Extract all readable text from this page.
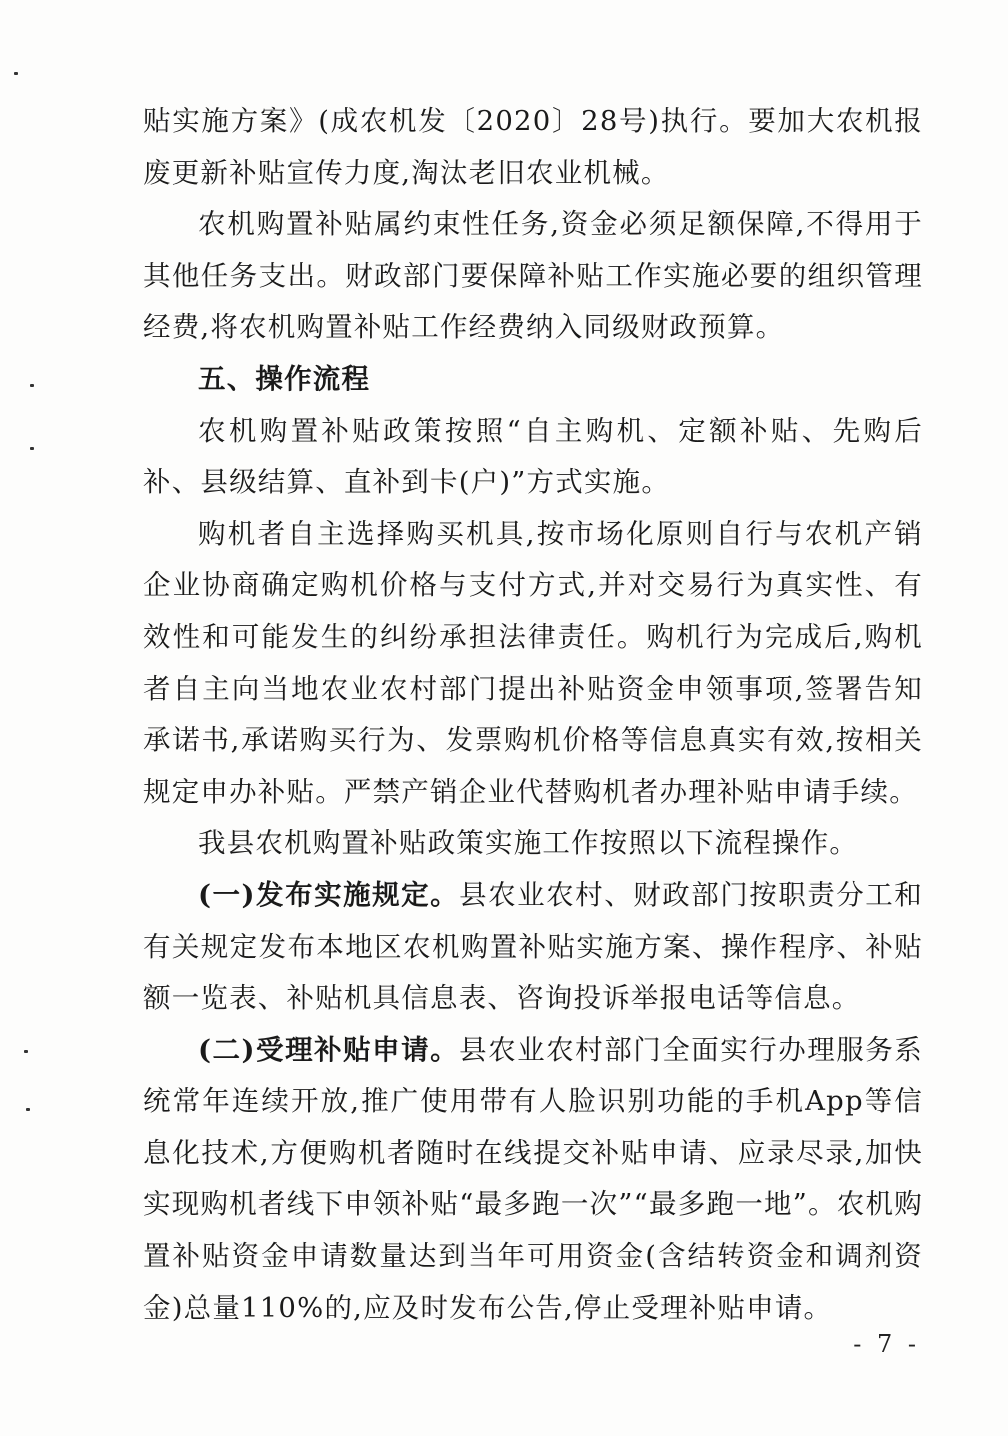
贴实施方案》(成农机发〔2020〕28号)执行。要加大农机报废更新补贴宣传力度,淘汰老旧农业机械。

农机购置补贴属约束性任务,资金必须足额保障,不得用于其他任务支出。财政部门要保障补贴工作实施必要的组织管理经费,将农机购置补贴工作经费纳入同级财政预算。

五、操作流程

农机购置补贴政策按照“自主购机、定额补贴、先购后补、县级结算、直补到卡(户)”方式实施。

购机者自主选择购买机具,按市场化原则自行与农机产销企业协商确定购机价格与支付方式,并对交易行为真实性、有效性和可能发生的纠纷承担法律责任。购机行为完成后,购机者自主向当地农业农村部门提出补贴资金申领事项,签署告知承诺书,承诺购买行为、发票购机价格等信息真实有效,按相关规定申办补贴。严禁产销企业代替购机者办理补贴申请手续。

我县农机购置补贴政策实施工作按照以下流程操作。

(一)发布实施规定。县农业农村、财政部门按职责分工和有关规定发布本地区农机购置补贴实施方案、操作程序、补贴额一览表、补贴机具信息表、咨询投诉举报电话等信息。

(二)受理补贴申请。县农业农村部门全面实行办理服务系统常年连续开放,推广使用带有人脸识别功能的手机App等信息化技术,方便购机者随时在线提交补贴申请、应录尽录,加快实现购机者线下申领补贴“最多跑一次”“最多跑一地”。农机购置补贴资金申请数量达到当年可用资金(含结转资金和调剂资金)总量110%的,应及时发布公告,停止受理补贴申请。

- 7 -
